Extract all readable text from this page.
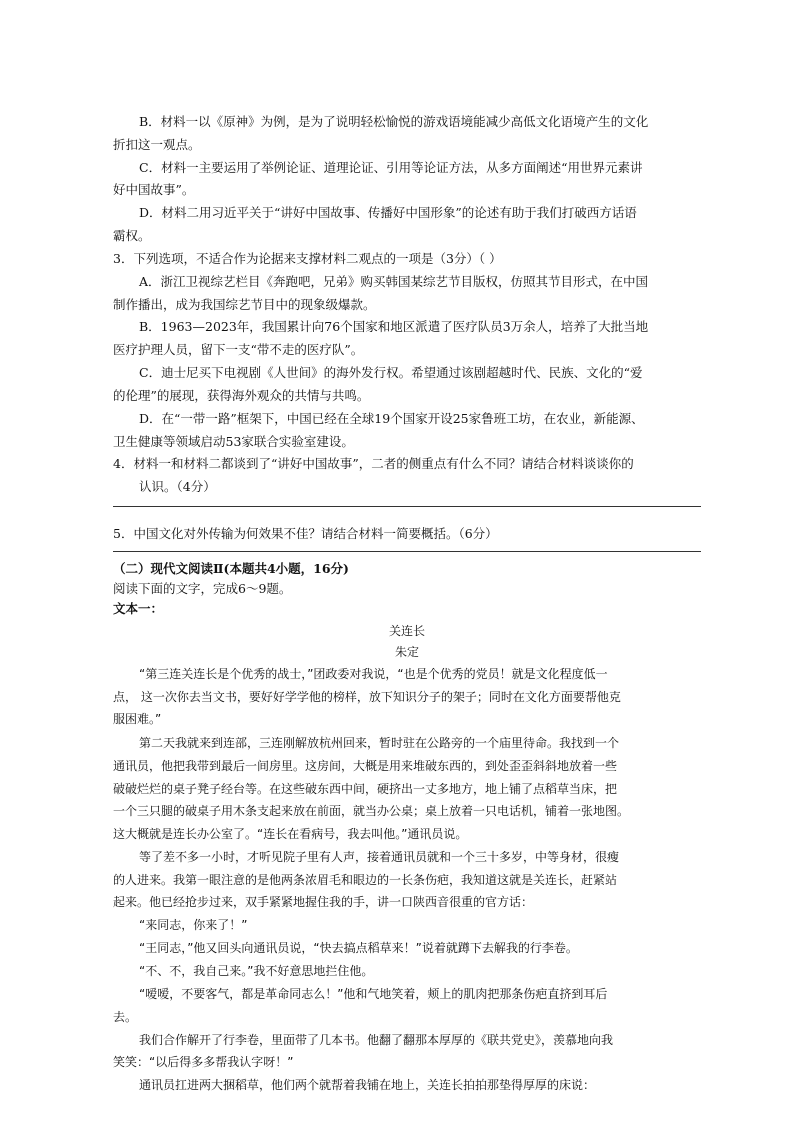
B．材料一以《原神》为例，是为了说明轻松愉悦的游戏语境能减少高低文化语境产生的文化
折扣这一观点。
C．材料一主要运用了举例论证、道理论证、引用等论证方法，从多方面阐述“用世界元素讲
好中国故事”。
D．材料二用习近平关于“讲好中国故事、传播好中国形象”的论述有助于我们打破西方话语
霸权。
3．下列选项，不适合作为论据来支撑材料二观点的一项是（3分）（ ）
A．浙江卫视综艺栏目《奔跑吧，兄弟》购买韩国某综艺节目版权，仿照其节目形式，在中国
制作播出，成为我国综艺节目中的现象级爆款。
B．1963—2023年，我国累计向76个国家和地区派遣了医疗队员3万余人，培养了大批当地
医疗护理人员，留下一支“带不走的医疗队”。
C．迪士尼买下电视剧《人世间》的海外发行权。希望通过该剧超越时代、民族、文化的“爱
的伦理”的展现，获得海外观众的共情与共鸣。
D．在“一带一路”框架下，中国已经在全球19个国家开设25家鲁班工坊，在农业，新能源、
卫生健康等领域启动53家联合实验室建设。
4．材料一和材料二都谈到了“讲好中国故事”，二者的侧重点有什么不同？请结合材料谈谈你的
认识。（4分）
5．中国文化对外传输为何效果不佳？请结合材料一简要概括。（6分）
（二）现代文阅读Ⅱ(本题共4小题，16分)
阅读下面的文字，完成6～9题。
文本一：
关连长
朱定
“第三连关连长是个优秀的战士，”团政委对我说，“也是个优秀的党员！就是文化程度低一
点， 这一次你去当文书，要好好学学他的榜样，放下知识分子的架子；同时在文化方面要帮他克
服困难。”
第二天我就来到连部，三连刚解放杭州回来，暂时驻在公路旁的一个庙里待命。我找到一个
通讯员，他把我带到最后一间房里。这房间，大概是用来堆破东西的，到处歪歪斜斜地放着一些
破破烂烂的桌子凳子经台等。在这些破东西中间，硬挤出一丈多地方，地上铺了点稻草当床，把
一个三只腿的破桌子用木条支起来放在前面，就当办公桌；桌上放着一只电话机，铺着一张地图。
这大概就是连长办公室了。“连长在看病号，我去叫他。”通讯员说。
等了差不多一小时，才听见院子里有人声，接着通讯员就和一个三十多岁，中等身材，很瘦
的人进来。我第一眼注意的是他两条浓眉毛和眼边的一长条伤疤，我知道这就是关连长，赶紧站
起来。他已经抢步过来，双手紧紧地握住我的手，讲一口陕西音很重的官方话：
“来同志，你来了！”
“王同志，”他又回头向通讯员说，“快去搞点稻草来！”说着就蹲下去解我的行李卷。
“不、不，我自己来。”我不好意思地拦住他。
“嗳嗳，不要客气，都是革命同志么！”他和气地笑着，颊上的肌肉把那条伤疤直挤到耳后
去。
我们合作解开了行李卷，里面带了几本书。他翻了翻那本厚厚的《联共党史》，羡慕地向我
笑笑：“以后得多多帮我认字呀！”
通讯员扛进两大捆稻草，他们两个就帮着我铺在地上，关连长拍拍那垫得厚厚的床说：
